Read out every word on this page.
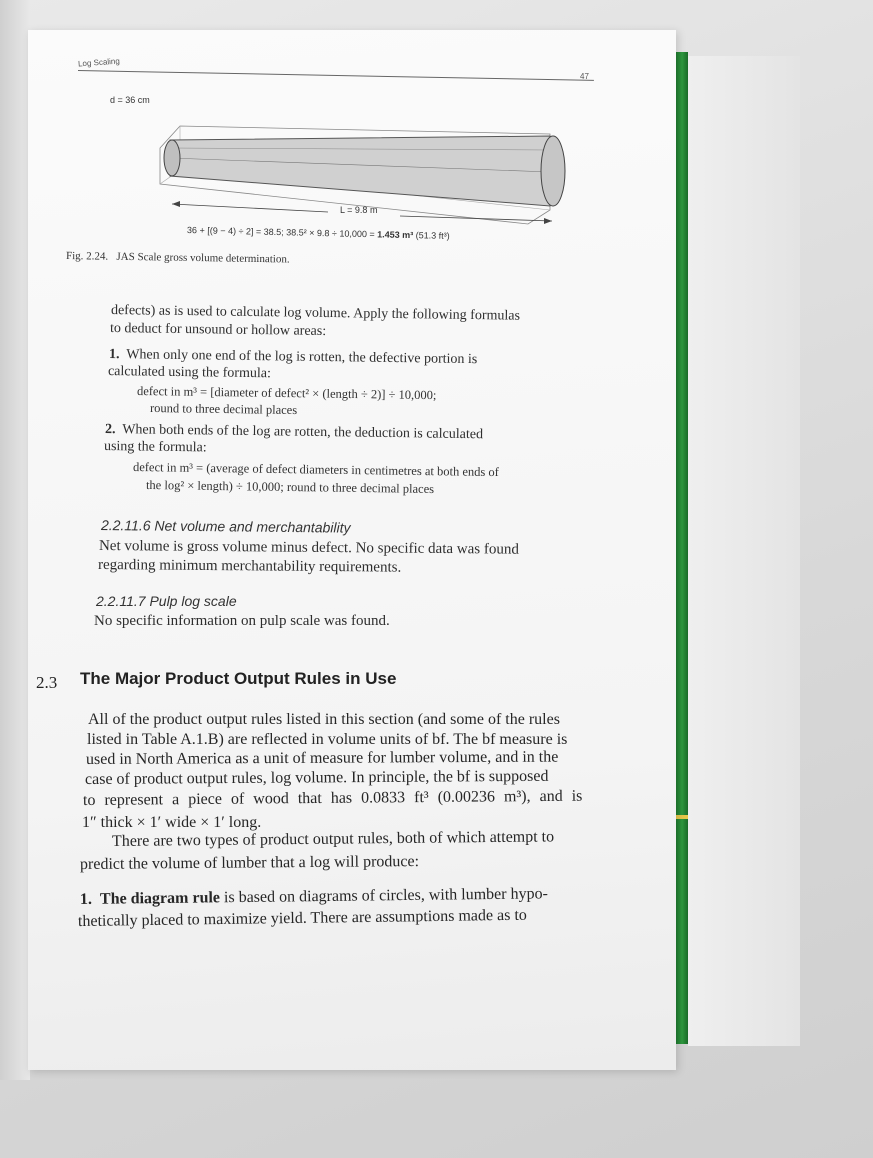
Log Scaling

47

d = 36 cm

L = 9.8 m

36 + [(9 − 4) ÷ 2] = 38.5; 38.5² × 9.8 ÷ 10,000 = 1.453 m³ (51.3 ft³)

Fig. 2.24. JAS Scale gross volume determination.

defects) as is used to calculate log volume. Apply the following formulas

to deduct for unsound or hollow areas:

1. When only one end of the log is rotten, the defective portion is

calculated using the formula:

defect in m³ = [diameter of defect² × (length ÷ 2)] ÷ 10,000;

round to three decimal places

2. When both ends of the log are rotten, the deduction is calculated

using the formula:

defect in m³ = (average of defect diameters in centimetres at both ends of

the log² × length) ÷ 10,000; round to three decimal places

2.2.11.6 Net volume and merchantability

Net volume is gross volume minus defect. No specific data was found

regarding minimum merchantability requirements.

2.2.11.7 Pulp log scale

No specific information on pulp scale was found.

2.3 The Major Product Output Rules in Use

All of the product output rules listed in this section (and some of the rules

listed in Table A.1.B) are reflected in volume units of bf. The bf measure is

used in North America as a unit of measure for lumber volume, and in the

case of product output rules, log volume. In principle, the bf is supposed

to represent a piece of wood that has 0.0833 ft³ (0.00236 m³), and is

1″ thick × 1′ wide × 1′ long.

There are two types of product output rules, both of which attempt to

predict the volume of lumber that a log will produce:

1. The diagram rule is based on diagrams of circles, with lumber hypo-

thetically placed to maximize yield. There are assumptions made as to
